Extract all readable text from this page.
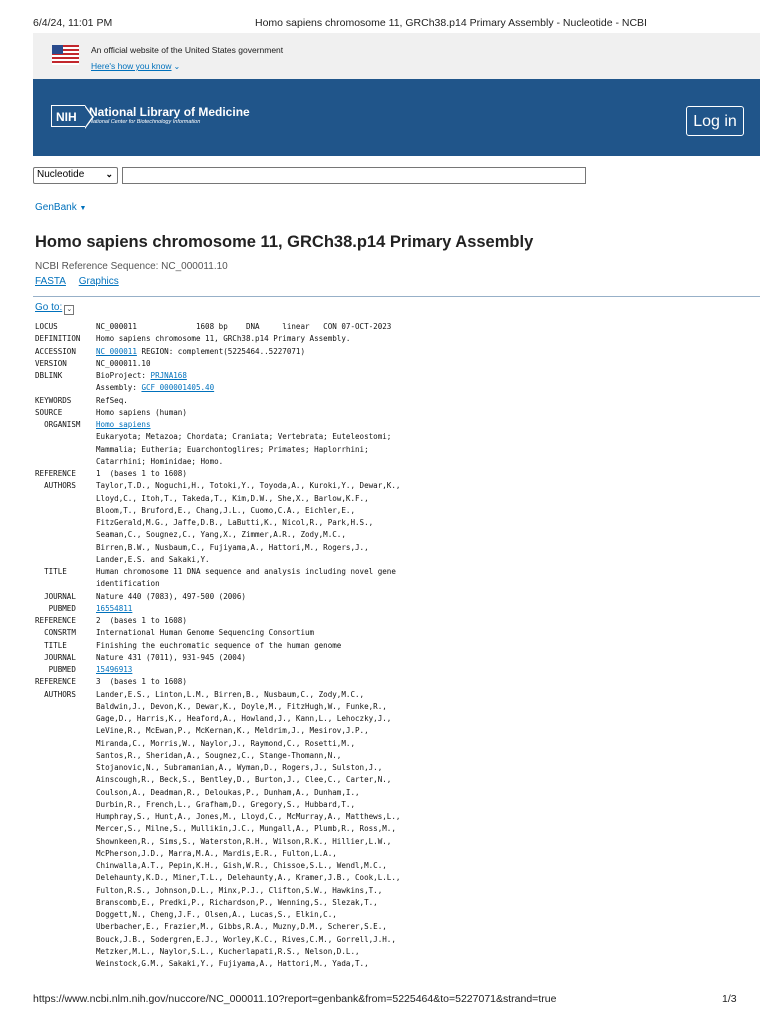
6/4/24, 11:01 PM	Homo sapiens chromosome 11, GRCh38.p14 Primary Assembly - Nucleotide - NCBI
An official website of the United States government
Here's how you know ⌄
NIH	National Library of Medicine
National Center for Biotechnology Information	Log in
Nucleotide ⌄
GenBank ▼
Homo sapiens chromosome 11, GRCh38.p14 Primary Assembly
NCBI Reference Sequence: NC_000011.10
FASTA Graphics
Go to: ⌄
LOCUS	NC_000011             1608 bp    DNA     linear   CON 07-OCT-2023
DEFINITION Homo sapiens chromosome 11, GRCh38.p14 Primary Assembly.
ACCESSION	NC_000011 REGION: complement(5225464..5227071)
VERSION	NC_000011.10
DBLINK	BioProject: PRJNA168
Assembly: GCF_000001405.40
KEYWORDS	RefSeq.
SOURCE	Homo sapiens (human)
ORGANISM Homo sapiens
Eukaryota; Metazoa; Chordata; Craniata; Vertebrata; Euteleostomi;
Mammalia; Eutheria; Euarchontoglires; Primates; Haplorrhini;
Catarrhini; Hominidae; Homo.
REFERENCE	1  (bases 1 to 1608)
AUTHORS	Taylor,T.D., Noguchi,H., Totoki,Y., Toyoda,A., Kuroki,Y., Dewar,K.,
Lloyd,C., Itoh,T., Takeda,T., Kim,D.W., She,X., Barlow,K.F.,
Bloom,T., Bruford,E., Chang,J.L., Cuomo,C.A., Eichler,E.,
FitzGerald,M.G., Jaffe,D.B., LaButti,K., Nicol,R., Park,H.S.,
Seaman,C., Sougnez,C., Yang,X., Zimmer,A.R., Zody,M.C.,
Birren,B.W., Nusbaum,C., Fujiyama,A., Hattori,M., Rogers,J.,
Lander,E.S. and Sakaki,Y.
TITLE	Human chromosome 11 DNA sequence and analysis including novel gene
identification
JOURNAL	Nature 440 (7083), 497-500 (2006)
PUBMED	16554811
REFERENCE	2  (bases 1 to 1608)
CONSRTM	International Human Genome Sequencing Consortium
TITLE	Finishing the euchromatic sequence of the human genome
JOURNAL	Nature 431 (7011), 931-945 (2004)
PUBMED	15496913
REFERENCE	3  (bases 1 to 1608)
AUTHORS	Lander,E.S., Linton,L.M., Birren,B., Nusbaum,C., Zody,M.C.,
Baldwin,J., Devon,K., Dewar,K., Doyle,M., FitzHugh,W., Funke,R.,
Gage,D., Harris,K., Heaford,A., Howland,J., Kann,L., Lehoczky,J.,
LeVine,R., McEwan,P., McKernan,K., Meldrim,J., Mesirov,J.P.,
Miranda,C., Morris,W., Naylor,J., Raymond,C., Rosetti,M.,
Santos,R., Sheridan,A., Sougnez,C., Stange-Thomann,N.,
Stojanovic,N., Subramanian,A., Wyman,D., Rogers,J., Sulston,J.,
Ainscough,R., Beck,S., Bentley,D., Burton,J., Clee,C., Carter,N.,
Coulson,A., Deadman,R., Deloukas,P., Dunham,A., Dunham,I.,
Durbin,R., French,L., Grafham,D., Gregory,S., Hubbard,T.,
Humphray,S., Hunt,A., Jones,M., Lloyd,C., McMurray,A., Matthews,L.,
Mercer,S., Milne,S., Mullikin,J.C., Mungall,A., Plumb,R., Ross,M.,
Shownkeen,R., Sims,S., Waterston,R.H., Wilson,R.K., Hillier,L.W.,
McPherson,J.D., Marra,M.A., Mardis,E.R., Fulton,L.A.,
Chinwalla,A.T., Pepin,K.H., Gish,W.R., Chissoe,S.L., Wendl,M.C.,
Delehaunty,K.D., Miner,T.L., Delehaunty,A., Kramer,J.B., Cook,L.L.,
Fulton,R.S., Johnson,D.L., Minx,P.J., Clifton,S.W., Hawkins,T.,
Branscomb,E., Predki,P., Richardson,P., Wenning,S., Slezak,T.,
Doggett,N., Cheng,J.F., Olsen,A., Lucas,S., Elkin,C.,
Uberbacher,E., Frazier,M., Gibbs,R.A., Muzny,D.M., Scherer,S.E.,
Bouck,J.B., Sodergren,E.J., Worley,K.C., Rives,C.M., Gorrell,J.H.,
Metzker,M.L., Naylor,S.L., Kucherlapati,R.S., Nelson,D.L.,
Weinstock,G.M., Sakaki,Y., Fujiyama,A., Hattori,M., Yada,T.,
https://www.ncbi.nlm.nih.gov/nuccore/NC_000011.10?report=genbank&from=5225464&to=5227071&strand=true	1/3
